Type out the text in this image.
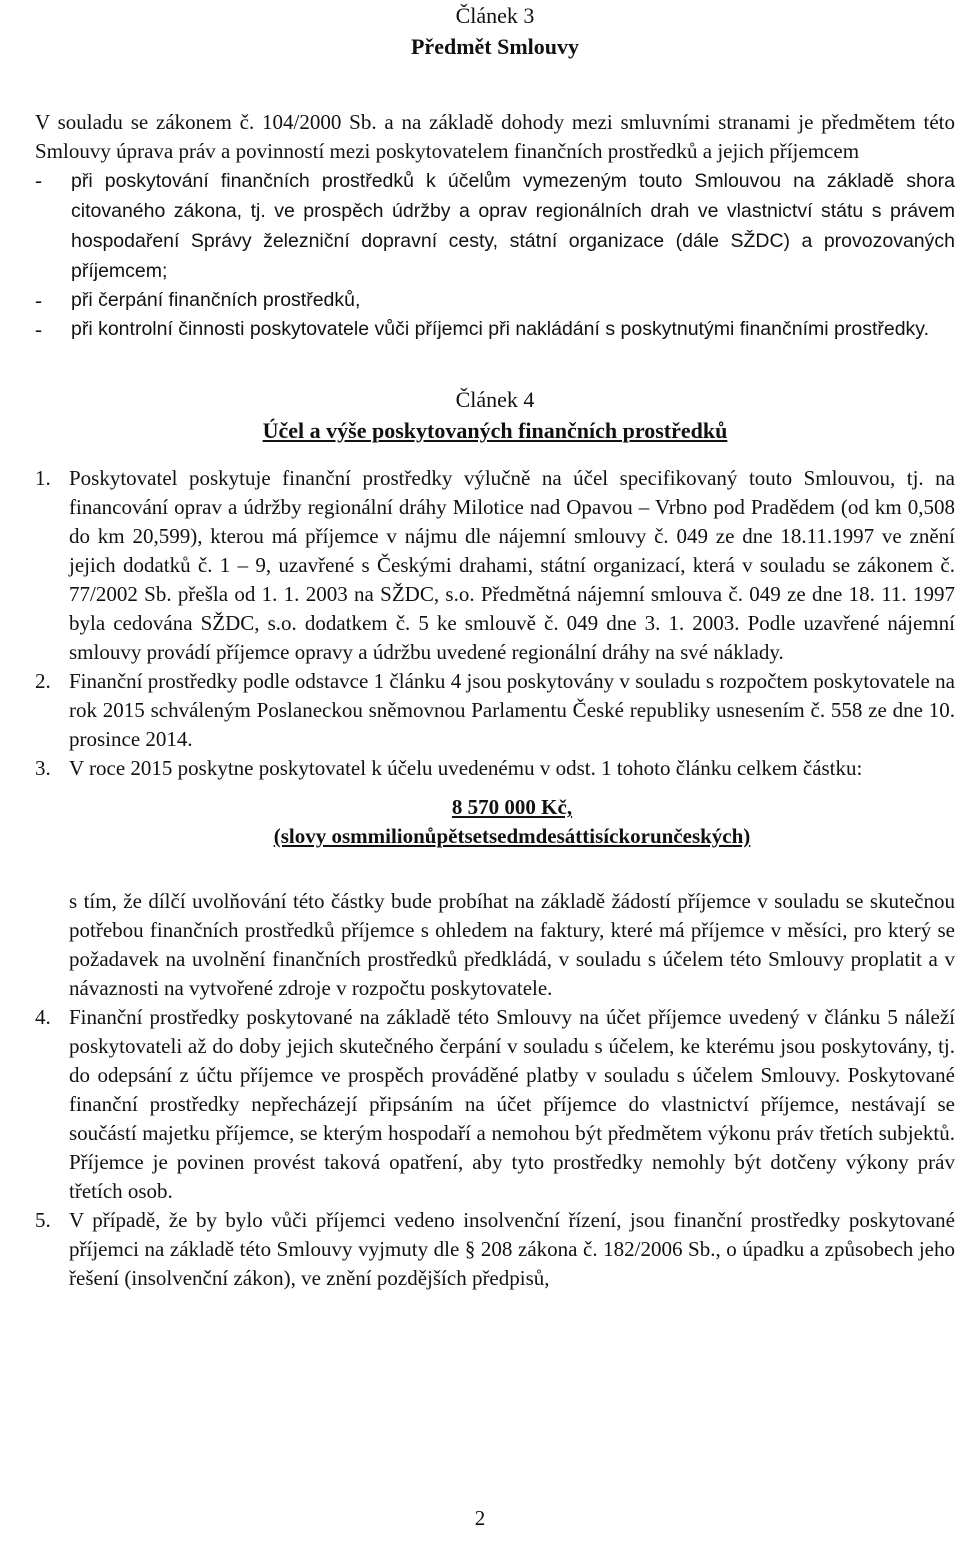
Článek 3
Předmět Smlouvy

V souladu se zákonem č. 104/2000 Sb. a na základě dohody mezi smluvními stranami je předmětem této Smlouvy úprava práv a povinností mezi poskytovatelem finančních prostředků a jejich příjemcem

-	při poskytování finančních prostředků k účelům vymezeným touto Smlouvou na základě shora citovaného zákona, tj. ve prospěch údržby a oprav regionálních drah ve vlastnictví státu s právem hospodaření Správy železniční dopravní cesty, státní organizace (dále SŽDC) a provozovaných příjemcem;
-	při čerpání finančních prostředků,
-	při kontrolní činnosti poskytovatele vůči příjemci při nakládání s poskytnutými finančními prostředky.
Článek 4
Účel a výše poskytovaných finančních prostředků
1. Poskytovatel poskytuje finanční prostředky výlučně na účel specifikovaný touto Smlouvou, tj. na financování oprav a údržby regionální dráhy Milotice nad Opavou – Vrbno pod Pradědem (od km 0,508 do km 20,599), kterou má příjemce v nájmu dle nájemní smlouvy č. 049 ze dne 18.11.1997 ve znění jejich dodatků č. 1 – 9, uzavřené s Českými drahami, státní organizací, která v souladu se zákonem č. 77/2002 Sb. přešla od 1. 1. 2003 na SŽDC, s.o. Předmětná nájemní smlouva č. 049 ze dne 18. 11. 1997 byla cedována SŽDC, s.o. dodatkem č. 5 ke smlouvě č. 049 dne 3. 1. 2003. Podle uzavřené nájemní smlouvy provádí příjemce opravy a údržbu uvedené regionální dráhy na své náklady.
2. Finanční prostředky podle odstavce 1 článku 4 jsou poskytovány v souladu s rozpočtem poskytovatele na rok 2015 schváleným Poslaneckou sněmovnou Parlamentu České republiky usnesením č. 558 ze dne 10. prosince 2014.
3. V roce 2015 poskytne poskytovatel k účelu uvedenému v odst. 1 tohoto článku celkem částku:
8 570 000 Kč,
(slovy osmmilionůpětsetsedmdesáttisíckorunčeských)

s tím, že dílčí uvolňování této částky bude probíhat na základě žádostí příjemce v souladu se skutečnou potřebou finančních prostředků příjemce s ohledem na faktury, které má příjemce v měsíci, pro který se požadavek na uvolnění finančních prostředků předkládá, v souladu s účelem této Smlouvy proplatit a v návaznosti na vytvořené zdroje v rozpočtu poskytovatele.

4. Finanční prostředky poskytované na základě této Smlouvy na účet příjemce uvedený v článku 5 náleží poskytovateli až do doby jejich skutečného čerpání v souladu s účelem, ke kterému jsou poskytovány, tj. do odepsání z účtu příjemce ve prospěch prováděné platby v souladu s účelem Smlouvy. Poskytované finanční prostředky nepřecházejí připsáním na účet příjemce do vlastnictví příjemce, nestávají se součástí majetku příjemce, se kterým hospodaří a nemohou být předmětem výkonu práv třetích subjektů. Příjemce je povinen provést taková opatření, aby tyto prostředky nemohly být dotčeny výkony práv třetích osob.
5. V případě, že by bylo vůči příjemci vedeno insolvenční řízení, jsou finanční prostředky poskytované příjemci na základě této Smlouvy vyjmuty dle § 208 zákona č. 182/2006 Sb., o úpadku a způsobech jeho řešení (insolvenční zákon), ve znění pozdějších předpisů,
2
